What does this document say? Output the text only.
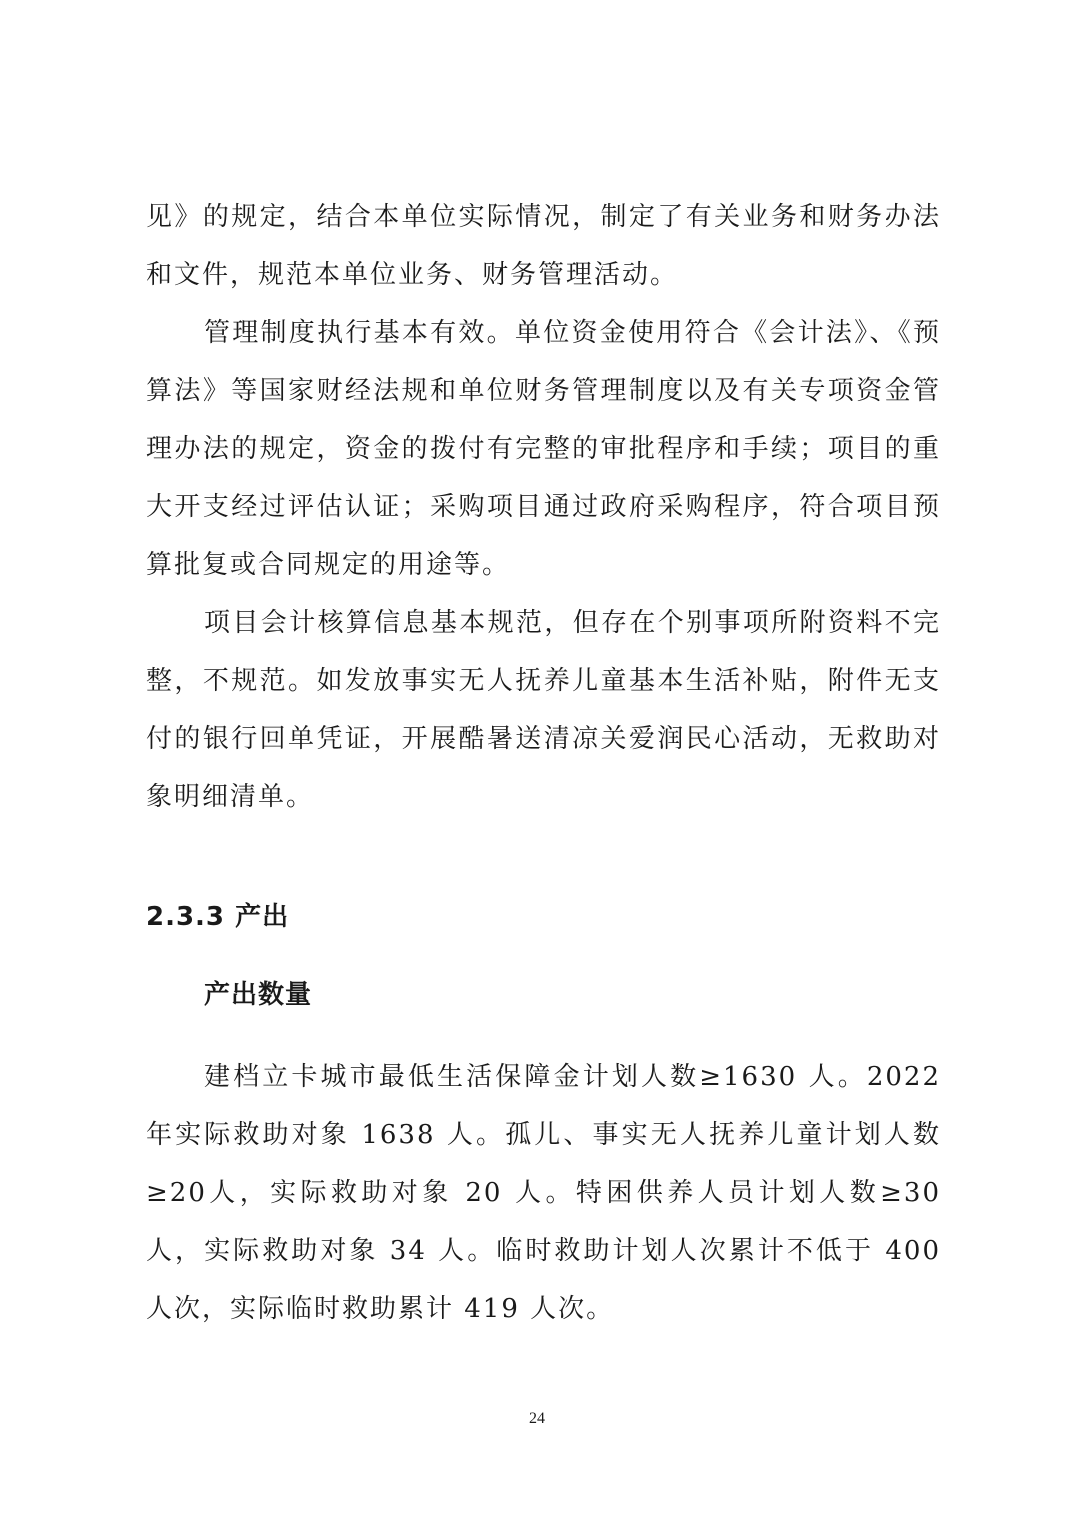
见》的规定，结合本单位实际情况，制定了有关业务和财务办法和文件，规范本单位业务、财务管理活动。

管理制度执行基本有效。单位资金使用符合《会计法》、《预算法》等国家财经法规和单位财务管理制度以及有关专项资金管理办法的规定，资金的拨付有完整的审批程序和手续；项目的重大开支经过评估认证；采购项目通过政府采购程序，符合项目预算批复或合同规定的用途等。

项目会计核算信息基本规范，但存在个别事项所附资料不完整，不规范。如发放事实无人抚养儿童基本生活补贴，附件无支付的银行回单凭证，开展酷暑送清凉关爱润民心活动，无救助对象明细清单。

2.3.3 产出
产出数量

建档立卡城市最低生活保障金计划人数≥1630 人。2022 年实际救助对象 1638 人。孤儿、事实无人抚养儿童计划人数≥20人，实际救助对象 20 人。特困供养人员计划人数≥30 人，实际救助对象 34 人。临时救助计划人次累计不低于 400 人次，实际临时救助累计 419 人次。

24
